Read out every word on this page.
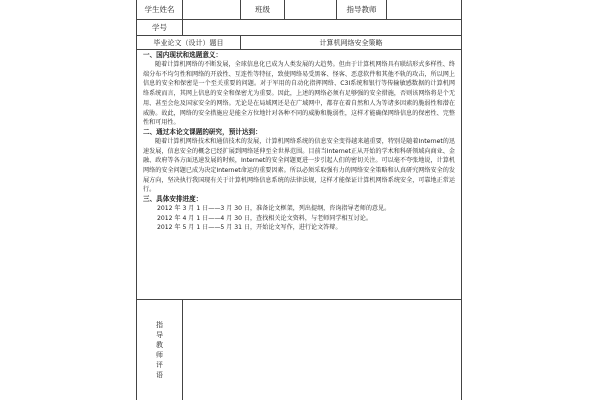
学生姓名	班级	指导教师
学号
毕业论文（设计）题目	计算机网络安全策略
一、国内现状和选题意义：

随着计算机网络的不断发展，全球信息化已成为人类发展的大趋势。但由于计算机网络具有联结形式多样性、终端分布不均匀性和网络的开放性、互连性等特征，致使网络易受黑客、怪客、恶意软件和其他不轨的攻击，所以网上信息的安全和保密是一个至关重要的问题。对于军用的自动化指挥网络、C3I系统和银行等传输敏感数据的计算机网络系统而言，其网上信息的安全和保密尤为重要。因此，上述的网络必须有足够强的安全措施，否则该网络将是个无用、甚至会危及国家安全的网络。无论是在局域网还是在广域网中，都存在着自然和人为等诸多因素的脆弱性和潜在威胁。故此，网络的安全措施应是能全方位地针对各种不同的威胁和脆弱性，这样才能确保网络信息的保密性、完整性和可用性。

二、通过本论文课题的研究，预计达到：

随着计算机网络技术和通信技术的发展，计算机网络系统的信息安全变得越来越重要，特别是随着Internet的迅速发展，信息安全的概念已经扩展到网络延伸至全世界范围。目前当Internet正从开始的学术和科研领域向商业、金融、政府等各方面迅速发展的时候，Internet的安全问题更进一步引起人们的密切关注。可以毫不夸张地说，计算机网络的安全问题已成为决定Internet命运的重要因素。所以必须采取强有力的网络安全策略和认真研究网络安全的发展方向，坚决执行我国现有关于计算机网络信息系统的法律法规，这样才能保证计算机网络系统安全，可靠地正常运行。

三、具体安排进度：

2012 年 3 月 1 日——3 月 30 日，准备论文框架，列出提纲，咨询指导老师的意见。

2012 年 4 月 1 日——4 月 30 日，查找相关论文资料，与老师同学相互讨论。

2012 年 5 月 1 日——5 月 31 日，开始论文写作，进行论文答辩。

指
导
教
师
评
语
